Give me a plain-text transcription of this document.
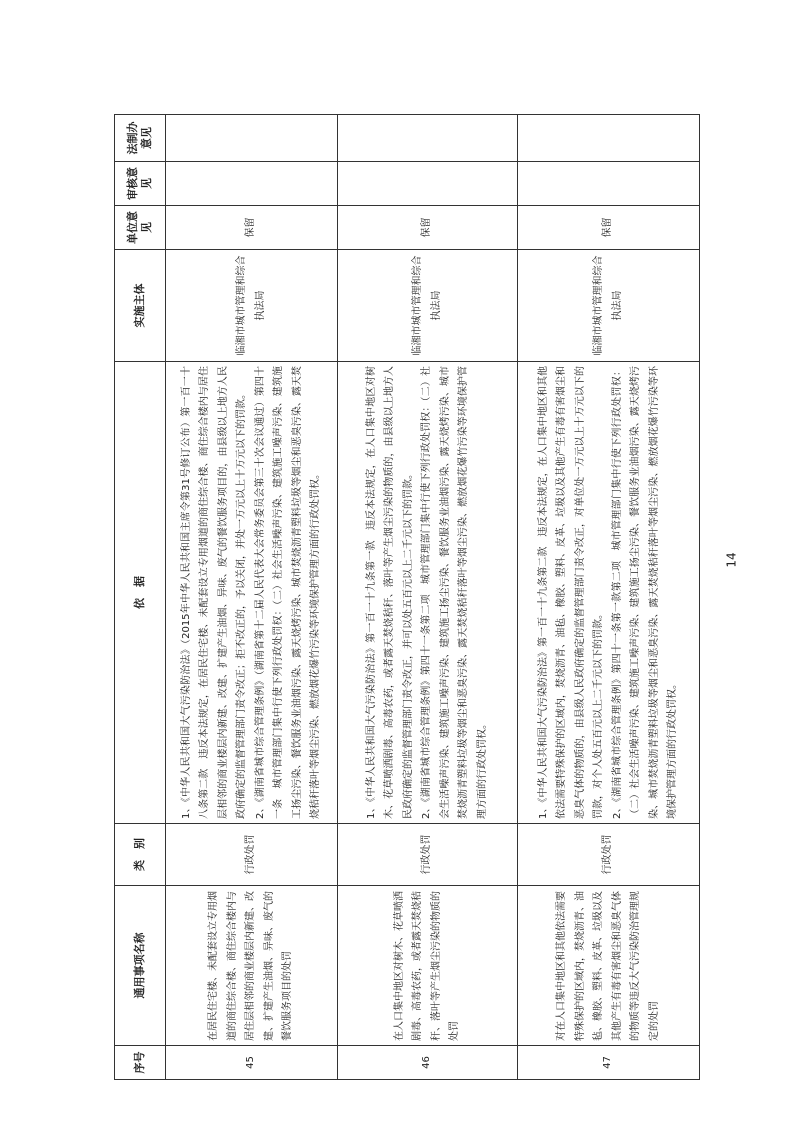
序号	通用事项名称	类　别	依　据	实施主体	单位意见	审核意见	法制办意见
45	在居民住宅楼、未配套设立专用烟道的商住综合楼、商住综合楼内与居住层相邻的商业楼层内新建、改建、扩建产生油烟、异味、废气的餐饮服务项目的处罚	行政处罚	1、《中华人民共和国大气污染防治法》（2015年中华人民共和国主席令第31号修订公布）第一百一十八条第二款　违反本法规定，在居民住宅楼、未配套设立专用烟道的商住综合楼、商住综合楼内与居住层相邻的商业楼层内新建、改建、扩建产生油烟、异味、废气的餐饮服务项目的，由县级以上地方人民政府确定的监督管理部门责令改正；拒不改正的，予以关闭，并处一万元以上十万元以下的罚款。 2、《湖南省城市综合管理条例》（湖南省第十二届人民代表大会常务委员会第三十次会议通过）第四十一条　城市管理部门集中行使下列行政处罚权：（二）社会生活噪声污染、建筑施工噪声污染、建筑施工扬尘污染、餐饮服务业油烟污染、露天烧烤污染、城市焚烧沥青塑料垃圾等烟尘和恶臭污染、露天焚烧秸秆落叶等烟尘污染、燃放烟花爆竹污染等环境保护管理方面的行政处罚权。	临湘市城市管理和综合执法局	保留		
46	在人口集中地区对树木、花草喷洒剧毒、高毒农药，或者露天焚烧秸秆、落叶等产生烟尘污染的物质的处罚	行政处罚	1、《中华人民共和国大气污染防治法》第一百一十九条第一款　违反本法规定，在人口集中地区对树木、花草喷洒剧毒、高毒农药，或者露天焚烧秸秆、落叶等产生烟尘污染的物质的，由县级以上地方人民政府确定的监督管理部门责令改正，并可以处五百元以上二千元以下的罚款。 2、《湖南省城市综合管理条例》第四十一条第二项　城市管理部门集中行使下列行政处罚权：（二）社会生活噪声污染、建筑施工噪声污染、建筑施工扬尘污染、餐饮服务业油烟污染、露天烧烤污染、城市焚烧沥青塑料垃圾等烟尘和恶臭污染、露天焚烧秸秆落叶等烟尘污染、燃放烟花爆竹污染等环境保护管理方面的行政处罚权。	临湘市城市管理和综合执法局	保留		
47	对在人口集中地区和其他依法需要特殊保护的区域内，焚烧沥青、油毡、橡胶、塑料、皮革、垃圾以及其他产生有毒有害烟尘和恶臭气体的物质等违反大气污染防治管理规定的处罚	行政处罚	1、《中华人民共和国大气污染防治法》第一百一十九条第二款　违反本法规定，在人口集中地区和其他依法需要特殊保护的区域内，焚烧沥青、油毡、橡胶、塑料、皮革、垃圾以及其他产生有毒有害烟尘和恶臭气体的物质的，由县级人民政府确定的监督管理部门责令改正，对单位处一万元以上十万元以下的罚款，对个人处五百元以上二千元以下的罚款。 2、《湖南省城市综合管理条例》第四十一条第一款第二项　城市管理部门集中行使下列行政处罚权：（二）社会生活噪声污染、建筑施工噪声污染、建筑施工扬尘污染、餐饮服务业油烟污染、露天烧烤污染、城市焚烧沥青塑料垃圾等烟尘和恶臭污染、露天焚烧秸秆落叶等烟尘污染、燃放烟花爆竹污染等环境保护管理方面的行政处罚权。	临湘市城市管理和综合执法局	保留		
14
